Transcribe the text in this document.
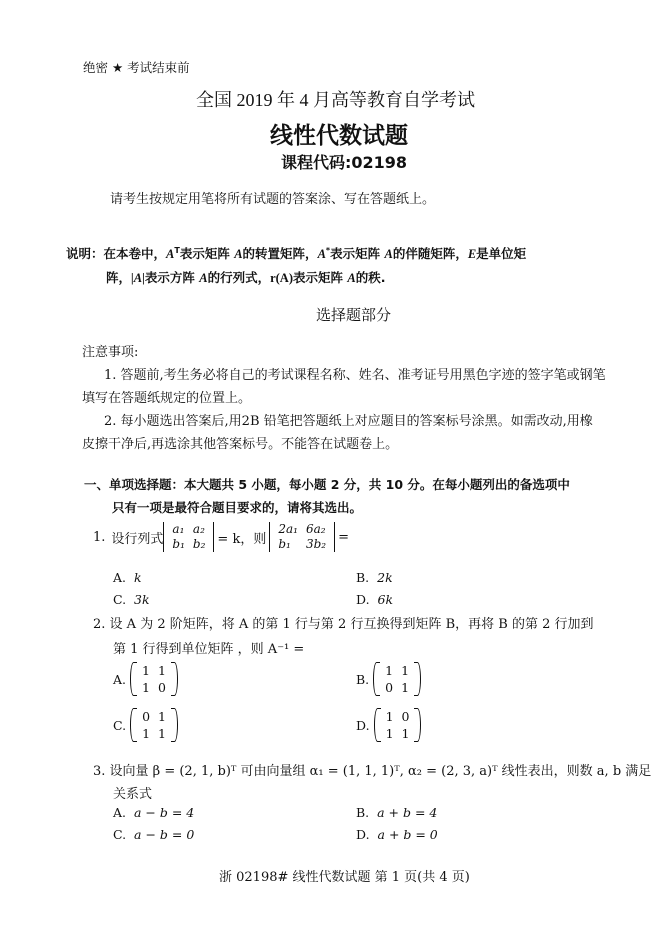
绝密 ★ 考试结束前
全国 2019 年 4 月高等教育自学考试
线性代数试题
课程代码:02198
请考生按规定用笔将所有试题的答案涂、写在答题纸上。
说明：在本卷中，$A^T$表示矩阵 A的转置矩阵，A*表示矩阵 A的伴随矩阵，E是单位矩
阵，|A|表示方阵 A的行列式，r(A)表示矩阵 A的秩.
选择题部分
注意事项:
1. 答题前,考生务必将自己的考试课程名称、姓名、准考证号用黑色字迹的签字笔或钢笔
填写在答题纸规定的位置上。
2. 每小题选出答案后,用2B 铅笔把答题纸上对应题目的答案标号涂黑。如需改动,用橡
皮擦干净后,再选涂其他答案标号。不能答在试题卷上。
一、单项选择题：本大题共 5 小题，每小题 2 分，共 10 分。在每小题列出的备选项中
只有一项是最符合题目要求的，请将其选出。
1. 设行列式
a₁	a₂
b₁	b₂ = k，则
2a₁	6a₂
b₁	3b₂ =
A. k	B. 2k
C. 3k	D. 6k
2. 设 A 为 2 阶矩阵，将 A 的第 1 行与第 2 行互换得到矩阵 B，再将 B 的第 2 行加到
第 1 行得到单位矩阵 ，则 A⁻¹ =
A.
1	1
1	0
B.
1	1
0	1
C.
0	1
1	1
D.
1	0
1	1
3. 设向量 β = (2, 1, b)ᵀ 可由向量组 α₁ = (1, 1, 1)ᵀ, α₂ = (2, 3, a)ᵀ 线性表出，则数 a, b 满足
关系式
A. a − b = 4	B. a + b = 4
C. a − b = 0	D. a + b = 0
浙 02198# 线性代数试题 第 1 页(共 4 页)
